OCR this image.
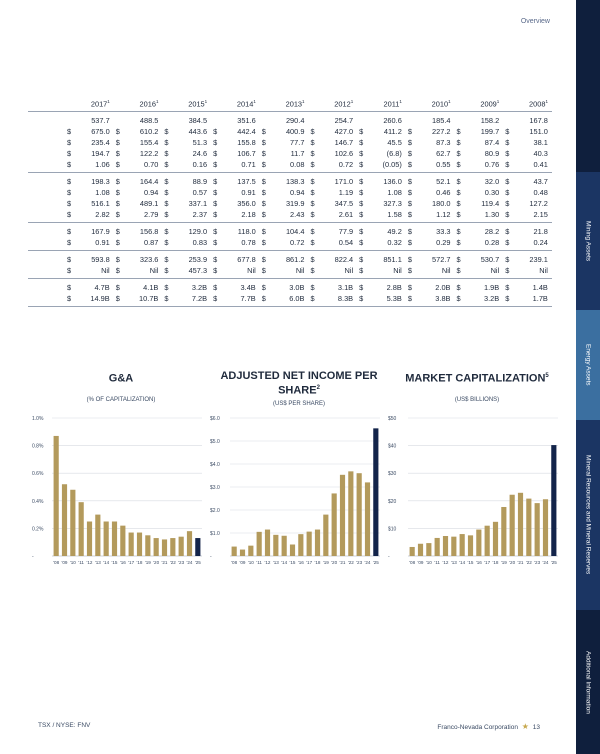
Overview
Mining Assets
Energy Assets
Mineral Resources and Mineral Reserves
Additional Information
2017$^1$	2016$^1$	2015$^1$	2014$^1$	2013$^1$	2012$^1$	2011$^1$	2010$^1$	2009$^1$	2008$^1$
537.7	488.5	384.5	351.6	290.4	254.7	260.6	185.4	158.2	167.8
$	675.0 $	610.2 $	443.6 $	442.4 $	400.9 $	427.0 $	411.2 $	227.2 $	199.7 $	151.0
$	235.4 $	155.4 $	51.3 $	155.8 $	77.7 $	146.7 $	45.5 $	87.3 $	87.4 $	38.1
$	194.7 $	122.2 $	24.6 $	106.7 $	11.7 $	102.6 $	(6.8) $	62.7 $	80.9 $	40.3
$	1.06 $	0.70 $	0.16 $	0.71 $	0.08 $	0.72 $	(0.05) $	0.55 $	0.76 $	0.41
$	198.3 $	164.4 $	88.9 $	137.5 $	138.3 $	171.0 $	136.0 $	52.1 $	32.0 $	43.7
$	1.08 $	0.94 $	0.57 $	0.91 $	0.94 $	1.19 $	1.08 $	0.46 $	0.30 $	0.48
$	516.1 $	489.1 $	337.1 $	356.0 $	319.9 $	347.5 $	327.3 $	180.0 $	119.4 $	127.2
$	2.82 $	2.79 $	2.37 $	2.18 $	2.43 $	2.61 $	1.58 $	1.12 $	1.30 $	2.15
$	167.9 $	156.8 $	129.0 $	118.0 $	104.4 $	77.9 $	49.2 $	33.3 $	28.2 $	21.8
$	0.91 $	0.87 $	0.83 $	0.78 $	0.72 $	0.54 $	0.32 $	0.29 $	0.28 $	0.24
$	593.8 $	323.6 $	253.9 $	677.8 $	861.2 $	822.4 $	851.1 $	572.7 $	530.7 $	239.1
$	Nil $	Nil $	457.3 $	Nil $	Nil $	Nil $	Nil $	Nil $	Nil $	Nil
$	4.7B $	4.1B $	3.2B $	3.4B $	3.0B $	3.1B $	2.8B $	2.0B $	1.9B $	1.4B
$	14.9B $	10.7B $	7.2B $	7.7B $	6.0B $	8.3B $	5.3B $	3.8B $	3.2B $	1.7B
G&A
(% OF CAPITALIZATION)
-
0.2%
0.4%
0.6%
0.8%
1.0%
'08 '09 '10 '11 '12 '13 '14 '15 '16 '17 '18 '19 '20 '21 '22 '23 '24 '25
ADJUSTED NET INCOME PER SHARE$^2$
(US$ PER SHARE)
-
$1.0
$2.0
$3.0
$4.0
$5.0
$6.0
'08 '09 '10 '11 '12 '13 '14 '15 '16 '17 '18 '19 '20 '21 '22 '23 '24 '25
MARKET CAPITALIZATION$^5$
(US$ BILLIONS)
-
$10
$20
$30
$40
$50
'08 '09 '10 '11 '12 '13 '14 '15 '16 '17 '18 '19 '20 '21 '22 '23 '24 '25
TSX / NYSE: FNV	Franco-Nevada Corporation ★ 13
